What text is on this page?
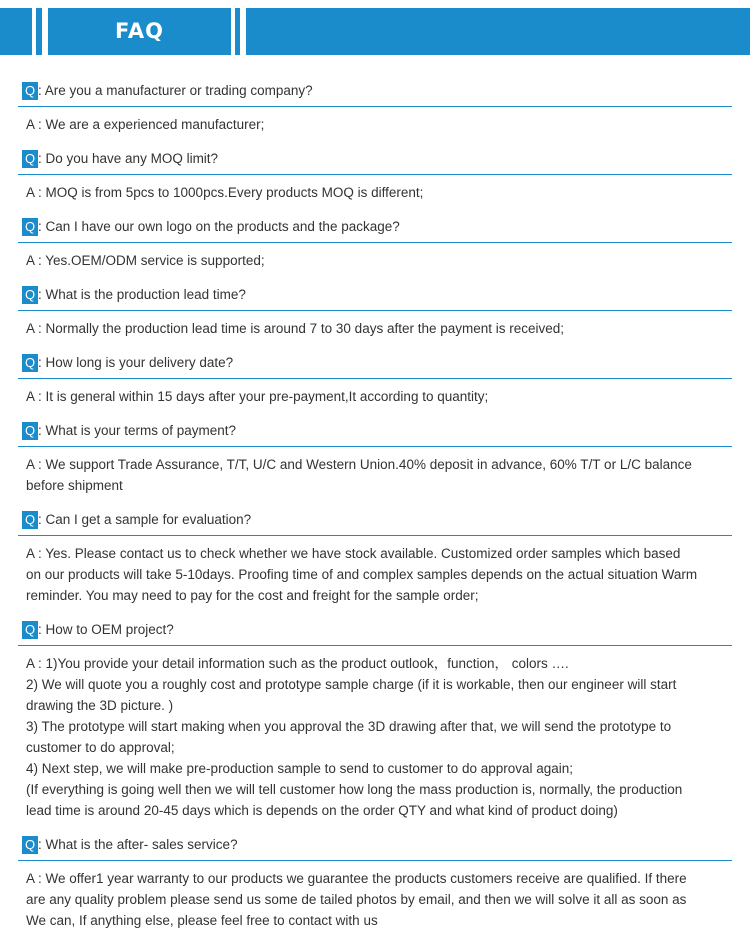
FAQ
Q : Are you a manufacturer or trading company?
A : We are a experienced manufacturer;
Q : Do you have any MOQ limit?
A : MOQ is from 5pcs to 1000pcs.Every products MOQ is different;
Q : Can I have our own logo on the products and the package?
A : Yes.OEM/ODM service is supported;
Q : What is the production lead time?
A : Normally the production lead time is around 7 to 30 days after the payment is received;
Q : How long is your delivery date?
A : It is general within 15 days after your pre-payment,It according to quantity;
Q : What is your terms of payment?
A : We support Trade Assurance, T/T, U/C and Western Union.40% deposit in advance, 60% T/T or L/C balance
before shipment
Q : Can I get a sample for evaluation?
A : Yes. Please contact us to check whether we have stock available. Customized order samples which based
on our products will take 5-10days. Proofing time of and complex samples depends on the actual situation Warm
reminder. You may need to pay for the cost and freight for the sample order;
Q : How to OEM project?
A : 1)You provide your detail information such as the product outlook，function， colors ….
2) We will quote you a roughly cost and prototype sample charge (if it is workable, then our engineer will start
drawing the 3D picture. )
3) The prototype will start making when you approval the 3D drawing after that, we will send the prototype to
customer to do approval;
4) Next step, we will make pre-production sample to send to customer to do approval again;
(If everything is going well then we will tell customer how long the mass production is, normally, the production
lead time is around 20-45 days which is depends on the order QTY and what kind of product doing)
Q : What is the after- sales service?
A : We offer1 year warranty to our products we guarantee the products customers receive are qualified. If there
are any quality problem please send us some de tailed photos by email, and then we will solve it all as soon as
We can, If anything else, please feel free to contact with us
